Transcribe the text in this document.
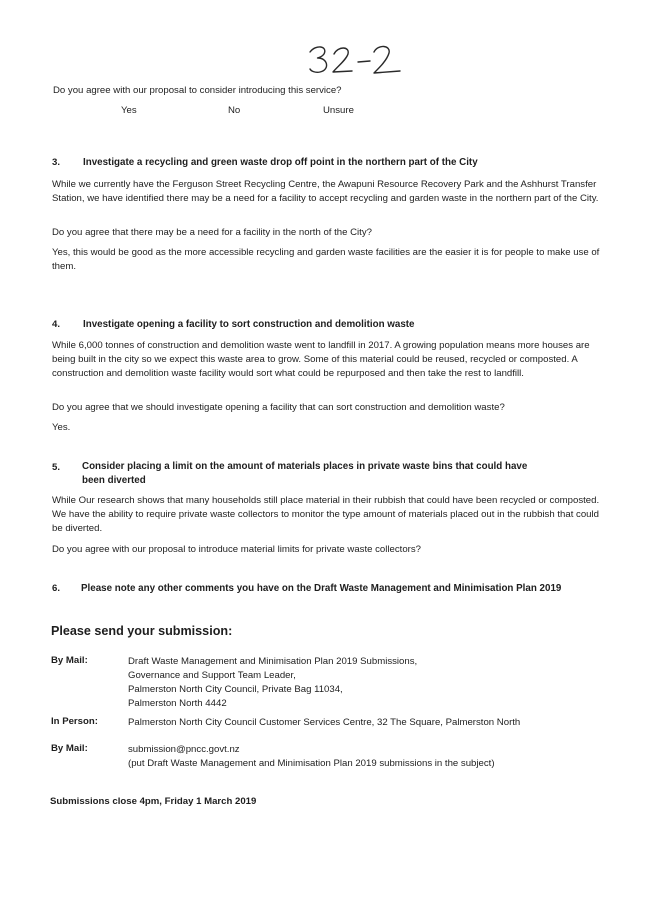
Do you agree with our proposal to consider introducing this service?
Yes	No	Unsure
3. Investigate a recycling and green waste drop off point in the northern part of the City
While we currently have the Ferguson Street Recycling Centre, the Awapuni Resource Recovery Park and the Ashhurst Transfer Station, we have identified there may be a need for a facility to accept recycling and garden waste in the northern part of the City.
Do you agree that there may be a need for a facility in the north of the City?
Yes, this would be good as the more accessible recycling and garden waste facilities are the easier it is for people to make use of them.
4. Investigate opening a facility to sort construction and demolition waste
While 6,000 tonnes of construction and demolition waste went to landfill in 2017. A growing population means more houses are being built in the city so we expect this waste area to grow. Some of this material could be reused, recycled or composted. A construction and demolition waste facility would sort what could be repurposed and then take the rest to landfill.
Do you agree that we should investigate opening a facility that can sort construction and demolition waste?
Yes.
5. Consider placing a limit on the amount of materials places in private waste bins that could have
been diverted
While Our research shows that many households still place material in their rubbish that could have been recycled or composted. We have the ability to require private waste collectors to monitor the type amount of materials placed out in the rubbish that could be diverted.
Do you agree with our proposal to introduce material limits for private waste collectors?
6. Please note any other comments you have on the Draft Waste Management and Minimisation Plan 2019
Please send your submission:
By Mail:	Draft Waste Management and Minimisation Plan 2019 Submissions,
Governance and Support Team Leader,
Palmerston North City Council, Private Bag 11034,
Palmerston North 4442
In Person:	Palmerston North City Council Customer Services Centre, 32 The Square, Palmerston North
By Mail:	submission@pncc.govt.nz
(put Draft Waste Management and Minimisation Plan 2019 submissions in the subject)
Submissions close 4pm, Friday 1 March 2019
